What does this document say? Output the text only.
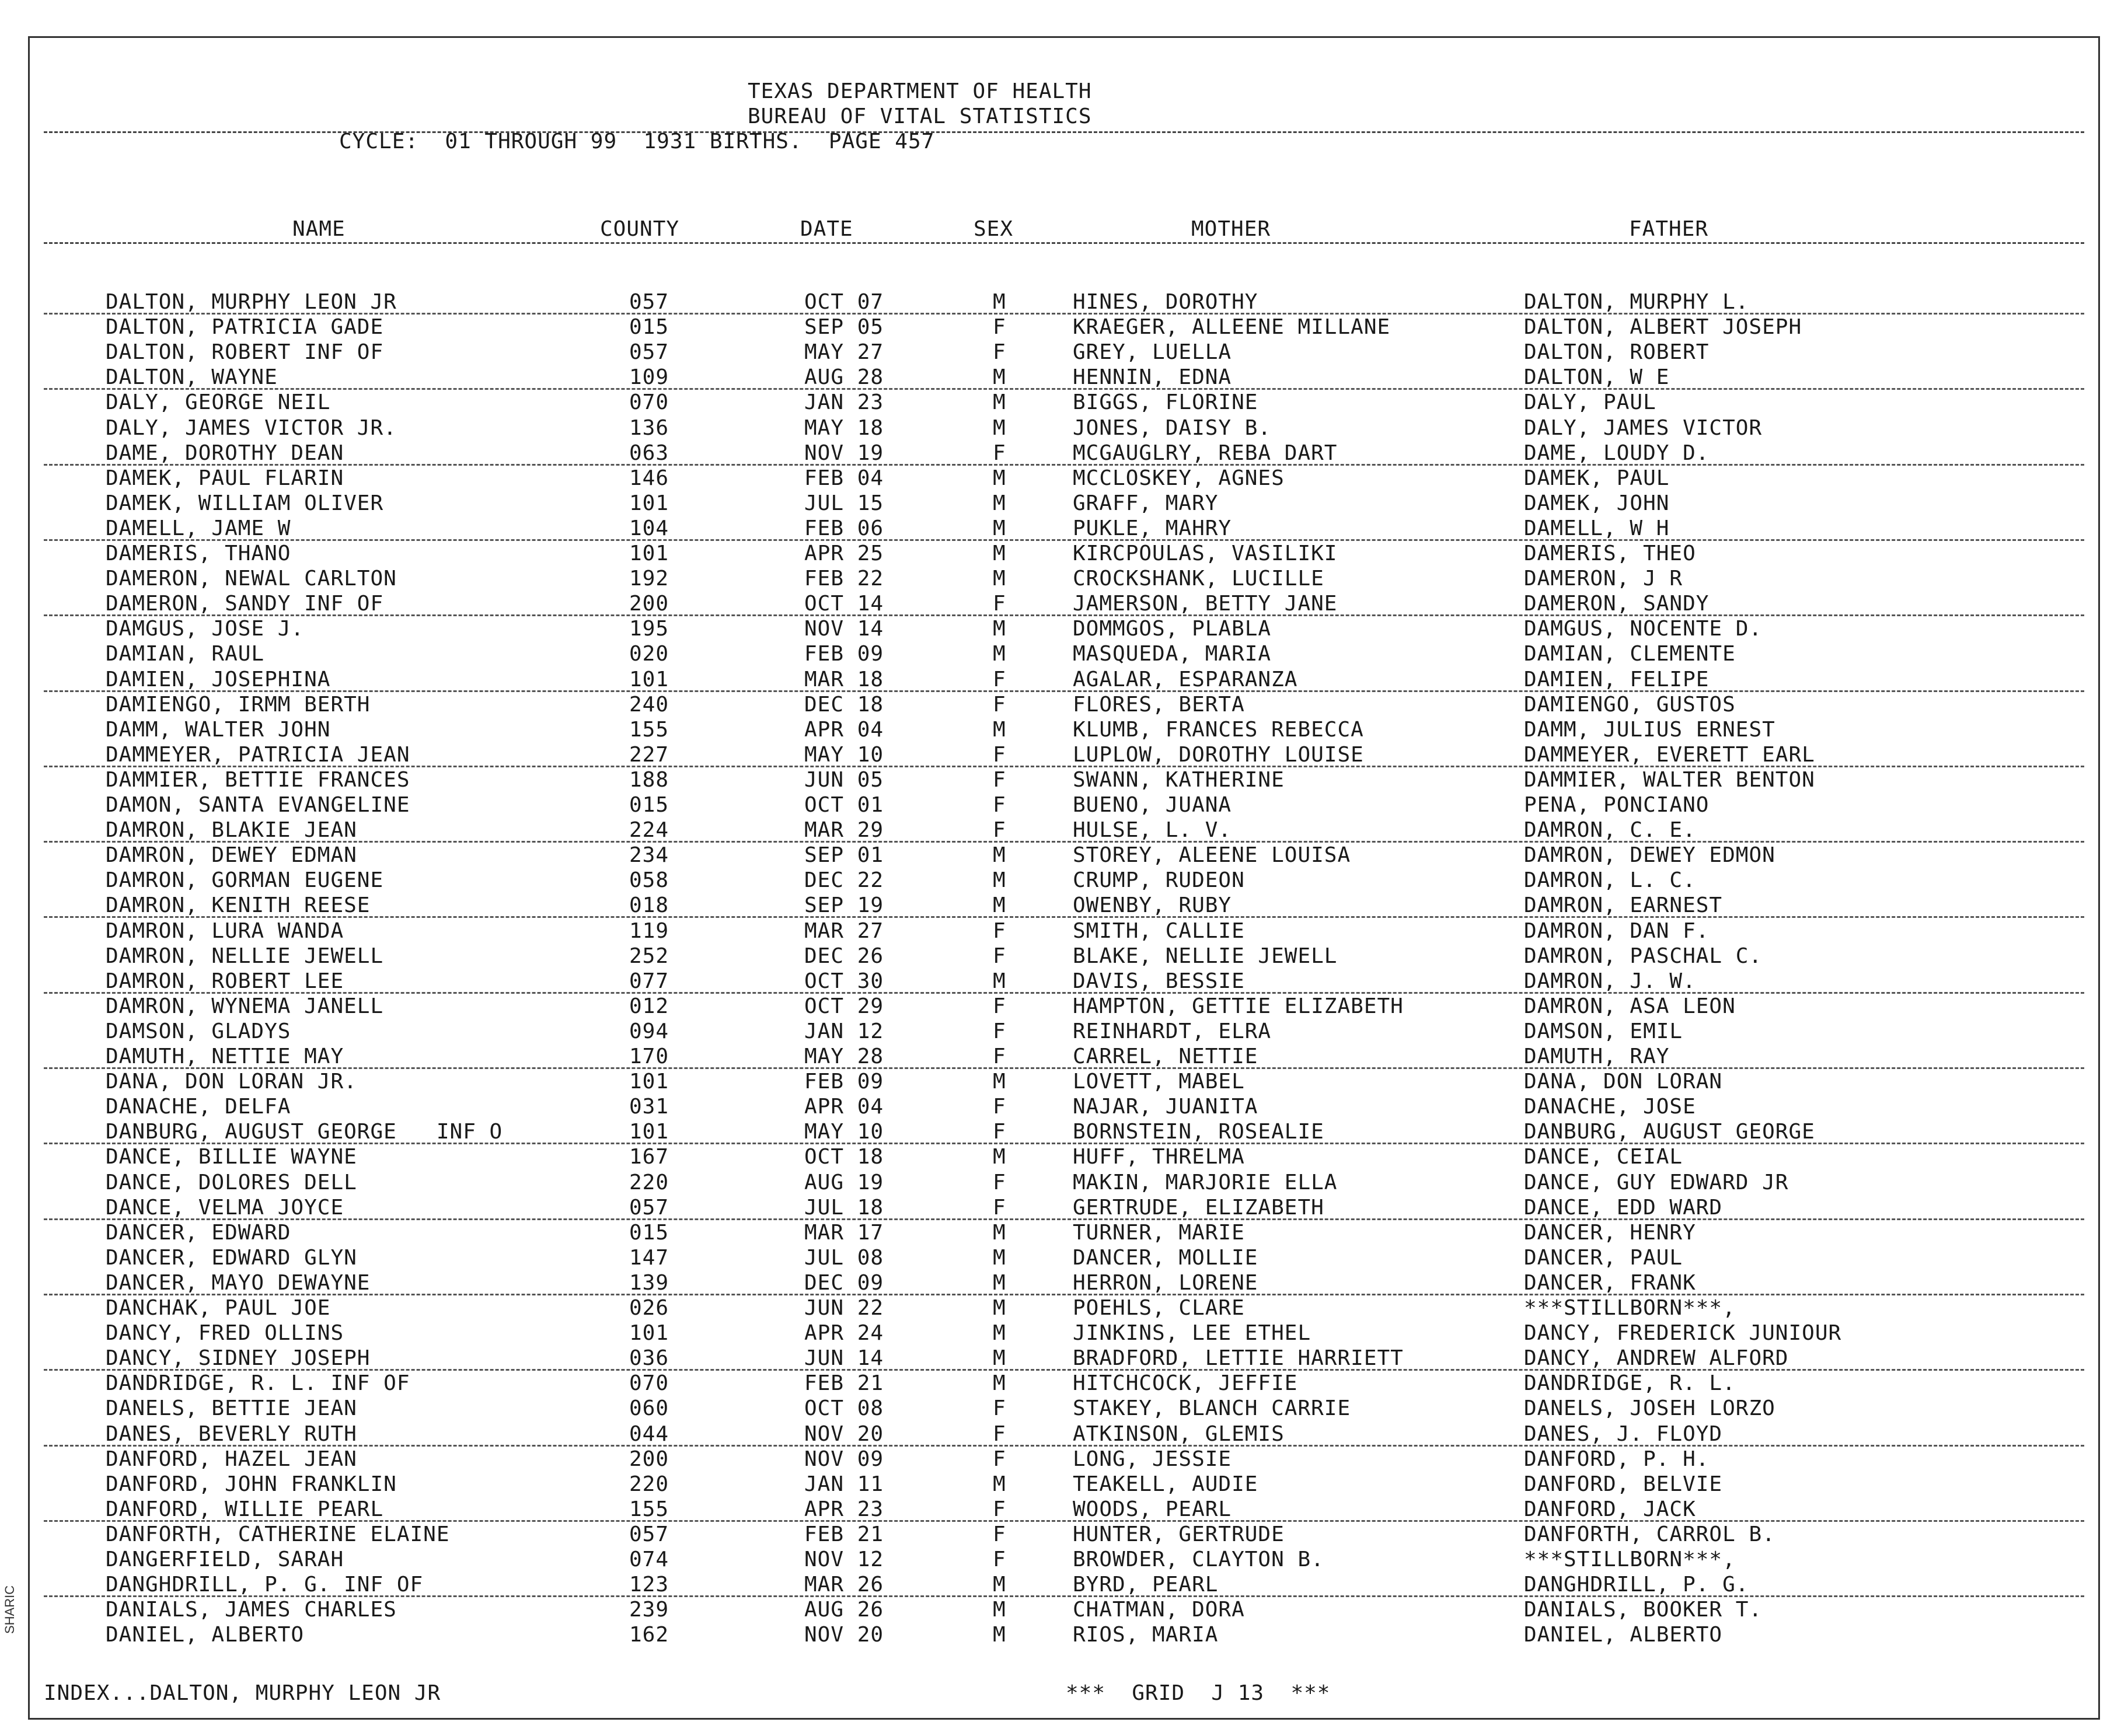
TEXAS DEPARTMENT OF HEALTH
BUREAU OF VITAL STATISTICS
CYCLE:  01 THROUGH 99  1931 BIRTHS.  PAGE 457
NAME	COUNTY	DATE	SEX	MOTHER	FATHER
DALTON, MURPHY LEON JR	057	OCT 07	M	HINES, DOROTHY	DALTON, MURPHY L.
DALTON, PATRICIA GADE	015	SEP 05	F	KRAEGER, ALLEENE MILLANE	DALTON, ALBERT JOSEPH
DALTON, ROBERT INF OF	057	MAY 27	F	GREY, LUELLA	DALTON, ROBERT
DALTON, WAYNE	109	AUG 28	M	HENNIN, EDNA	DALTON, W E
DALY, GEORGE NEIL	070	JAN 23	M	BIGGS, FLORINE	DALY, PAUL
DALY, JAMES VICTOR JR.	136	MAY 18	M	JONES, DAISY B.	DALY, JAMES VICTOR
DAME, DOROTHY DEAN	063	NOV 19	F	MCGAUGLRY, REBA DART	DAME, LOUDY D.
DAMEK, PAUL FLARIN	146	FEB 04	M	MCCLOSKEY, AGNES	DAMEK, PAUL
DAMEK, WILLIAM OLIVER	101	JUL 15	M	GRAFF, MARY	DAMEK, JOHN
DAMELL, JAME W	104	FEB 06	M	PUKLE, MAHRY	DAMELL, W H
DAMERIS, THANO	101	APR 25	M	KIRCPOULAS, VASILIKI	DAMERIS, THEO
DAMERON, NEWAL CARLTON	192	FEB 22	M	CROCKSHANK, LUCILLE	DAMERON, J R
DAMERON, SANDY INF OF	200	OCT 14	F	JAMERSON, BETTY JANE	DAMERON, SANDY
DAMGUS, JOSE J.	195	NOV 14	M	DOMMGOS, PLABLA	DAMGUS, NOCENTE D.
DAMIAN, RAUL	020	FEB 09	M	MASQUEDA, MARIA	DAMIAN, CLEMENTE
DAMIEN, JOSEPHINA	101	MAR 18	F	AGALAR, ESPARANZA	DAMIEN, FELIPE
DAMIENGO, IRMM BERTH	240	DEC 18	F	FLORES, BERTA	DAMIENGO, GUSTOS
DAMM, WALTER JOHN	155	APR 04	M	KLUMB, FRANCES REBECCA	DAMM, JULIUS ERNEST
DAMMEYER, PATRICIA JEAN	227	MAY 10	F	LUPLOW, DOROTHY LOUISE	DAMMEYER, EVERETT EARL
DAMMIER, BETTIE FRANCES	188	JUN 05	F	SWANN, KATHERINE	DAMMIER, WALTER BENTON
DAMON, SANTA EVANGELINE	015	OCT 01	F	BUENO, JUANA	PENA, PONCIANO
DAMRON, BLAKIE JEAN	224	MAR 29	F	HULSE, L. V.	DAMRON, C. E.
DAMRON, DEWEY EDMAN	234	SEP 01	M	STOREY, ALEENE LOUISA	DAMRON, DEWEY EDMON
DAMRON, GORMAN EUGENE	058	DEC 22	M	CRUMP, RUDEON	DAMRON, L. C.
DAMRON, KENITH REESE	018	SEP 19	M	OWENBY, RUBY	DAMRON, EARNEST
DAMRON, LURA WANDA	119	MAR 27	F	SMITH, CALLIE	DAMRON, DAN F.
DAMRON, NELLIE JEWELL	252	DEC 26	F	BLAKE, NELLIE JEWELL	DAMRON, PASCHAL C.
DAMRON, ROBERT LEE	077	OCT 30	M	DAVIS, BESSIE	DAMRON, J. W.
DAMRON, WYNEMA JANELL	012	OCT 29	F	HAMPTON, GETTIE ELIZABETH	DAMRON, ASA LEON
DAMSON, GLADYS	094	JAN 12	F	REINHARDT, ELRA	DAMSON, EMIL
DAMUTH, NETTIE MAY	170	MAY 28	F	CARREL, NETTIE	DAMUTH, RAY
DANA, DON LORAN JR.	101	FEB 09	M	LOVETT, MABEL	DANA, DON LORAN
DANACHE, DELFA	031	APR 04	F	NAJAR, JUANITA	DANACHE, JOSE
DANBURG, AUGUST GEORGE   INF O	101	MAY 10	F	BORNSTEIN, ROSEALIE	DANBURG, AUGUST GEORGE
DANCE, BILLIE WAYNE	167	OCT 18	M	HUFF, THRELMA	DANCE, CEIAL
DANCE, DOLORES DELL	220	AUG 19	F	MAKIN, MARJORIE ELLA	DANCE, GUY EDWARD JR
DANCE, VELMA JOYCE	057	JUL 18	F	GERTRUDE, ELIZABETH	DANCE, EDD WARD
DANCER, EDWARD	015	MAR 17	M	TURNER, MARIE	DANCER, HENRY
DANCER, EDWARD GLYN	147	JUL 08	M	DANCER, MOLLIE	DANCER, PAUL
DANCER, MAYO DEWAYNE	139	DEC 09	M	HERRON, LORENE	DANCER, FRANK
DANCHAK, PAUL JOE	026	JUN 22	M	POEHLS, CLARE	***STILLBORN***,
DANCY, FRED OLLINS	101	APR 24	M	JINKINS, LEE ETHEL	DANCY, FREDERICK JUNIOUR
DANCY, SIDNEY JOSEPH	036	JUN 14	M	BRADFORD, LETTIE HARRIETT	DANCY, ANDREW ALFORD
DANDRIDGE, R. L. INF OF	070	FEB 21	M	HITCHCOCK, JEFFIE	DANDRIDGE, R. L.
DANELS, BETTIE JEAN	060	OCT 08	F	STAKEY, BLANCH CARRIE	DANELS, JOSEH LORZO
DANES, BEVERLY RUTH	044	NOV 20	F	ATKINSON, GLEMIS	DANES, J. FLOYD
DANFORD, HAZEL JEAN	200	NOV 09	F	LONG, JESSIE	DANFORD, P. H.
DANFORD, JOHN FRANKLIN	220	JAN 11	M	TEAKELL, AUDIE	DANFORD, BELVIE
DANFORD, WILLIE PEARL	155	APR 23	F	WOODS, PEARL	DANFORD, JACK
DANFORTH, CATHERINE ELAINE	057	FEB 21	F	HUNTER, GERTRUDE	DANFORTH, CARROL B.
DANGERFIELD, SARAH	074	NOV 12	F	BROWDER, CLAYTON B.	***STILLBORN***,
DANGHDRILL, P. G. INF OF	123	MAR 26	M	BYRD, PEARL	DANGHDRILL, P. G.
DANIALS, JAMES CHARLES	239	AUG 26	M	CHATMAN, DORA	DANIALS, BOOKER T.
DANIEL, ALBERTO	162	NOV 20	M	RIOS, MARIA	DANIEL, ALBERTO
INDEX...DALTON, MURPHY LEON JR	***  GRID  J 13  ***
SHARIC
